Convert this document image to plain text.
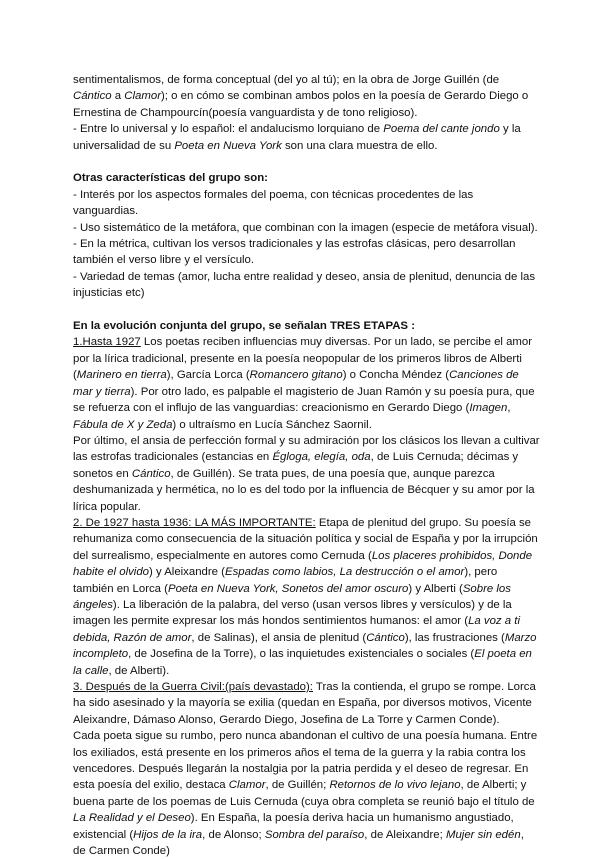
sentimentalismos, de forma conceptual (del yo al tú); en la obra de Jorge Guillén (de
Cántico a Clamor); o en cómo se combinan ambos polos en la poesía de Gerardo Diego o
Ernestina de Champourcín(poesía vanguardista y de tono religioso).
- Entre lo universal y lo español: el andalucismo lorquiano de Poema del cante jondo y la
universalidad de su Poeta en Nueva York son una clara muestra de ello.
Otras características del grupo son:
- Interés por los aspectos formales del poema, con técnicas procedentes de las
vanguardias.
- Uso sistemático de la metáfora, que combinan con la imagen (especie de metáfora visual).
- En la métrica, cultivan los versos tradicionales y las estrofas clásicas, pero desarrollan
también el verso libre y el versículo.
- Variedad de temas (amor, lucha entre realidad y deseo, ansia de plenitud, denuncia de las
injusticias etc)
En la evolución conjunta del grupo, se señalan TRES ETAPAS :
1.Hasta 1927 Los poetas reciben influencias muy diversas. Por un lado, se percibe el amor
por la lírica tradicional, presente en la poesía neopopular de los primeros libros de Alberti
(Marinero en tierra), García Lorca (Romancero gitano) o Concha Méndez (Canciones de
mar y tierra). Por otro lado, es palpable el magisterio de Juan Ramón y su poesía pura, que
se refuerza con el influjo de las vanguardias: creacionismo en Gerardo Diego (Imagen,
Fábula de X y Zeda) o ultraísmo en Lucía Sánchez Saornil.
Por último, el ansia de perfección formal y su admiración por los clásicos los llevan a cultivar
las estrofas tradicionales (estancias en Égloga, elegía, oda, de Luis Cernuda; décimas y
sonetos en Cántico, de Guillén). Se trata pues, de una poesía que, aunque parezca
deshumanizada y hermética, no lo es del todo por la influencia de Bécquer y su amor por la
lírica popular.
2. De 1927 hasta 1936: LA MÁS IMPORTANTE: Etapa de plenitud del grupo. Su poesía se
rehumaniza como consecuencia de la situación política y social de España y por la irrupción
del surrealismo, especialmente en autores como Cernuda (Los placeres prohibidos, Donde
habite el olvido) y Aleixandre (Espadas como labios, La destrucción o el amor), pero
también en Lorca (Poeta en Nueva York, Sonetos del amor oscuro) y Alberti (Sobre los
ángeles). La liberación de la palabra, del verso (usan versos libres y versículos) y de la
imagen les permite expresar los más hondos sentimientos humanos: el amor (La voz a ti
debida, Razón de amor, de Salinas), el ansia de plenitud (Cántico), las frustraciones (Marzo
incompleto, de Josefina de la Torre), o las inquietudes existenciales o sociales (El poeta en
la calle, de Alberti).
3. Después de la Guerra Civil:(país devastado): Tras la contienda, el grupo se rompe. Lorca
ha sido asesinado y la mayoría se exilia (quedan en España, por diversos motivos, Vicente
Aleixandre, Dámaso Alonso, Gerardo Diego, Josefina de La Torre y Carmen Conde).
Cada poeta sigue su rumbo, pero nunca abandonan el cultivo de una poesía humana. Entre
los exiliados, está presente en los primeros años el tema de la guerra y la rabia contra los
vencedores. Después llegarán la nostalgia por la patria perdida y el deseo de regresar. En
esta poesía del exilio, destaca Clamor, de Guillén; Retornos de lo vivo lejano, de Alberti; y
buena parte de los poemas de Luis Cernuda (cuya obra completa se reunió bajo el título de
La Realidad y el Deseo). En España, la poesía deriva hacia un humanismo angustiado,
existencial (Hijos de la ira, de Alonso; Sombra del paraíso, de Aleixandre; Mujer sin edén,
de Carmen Conde)
